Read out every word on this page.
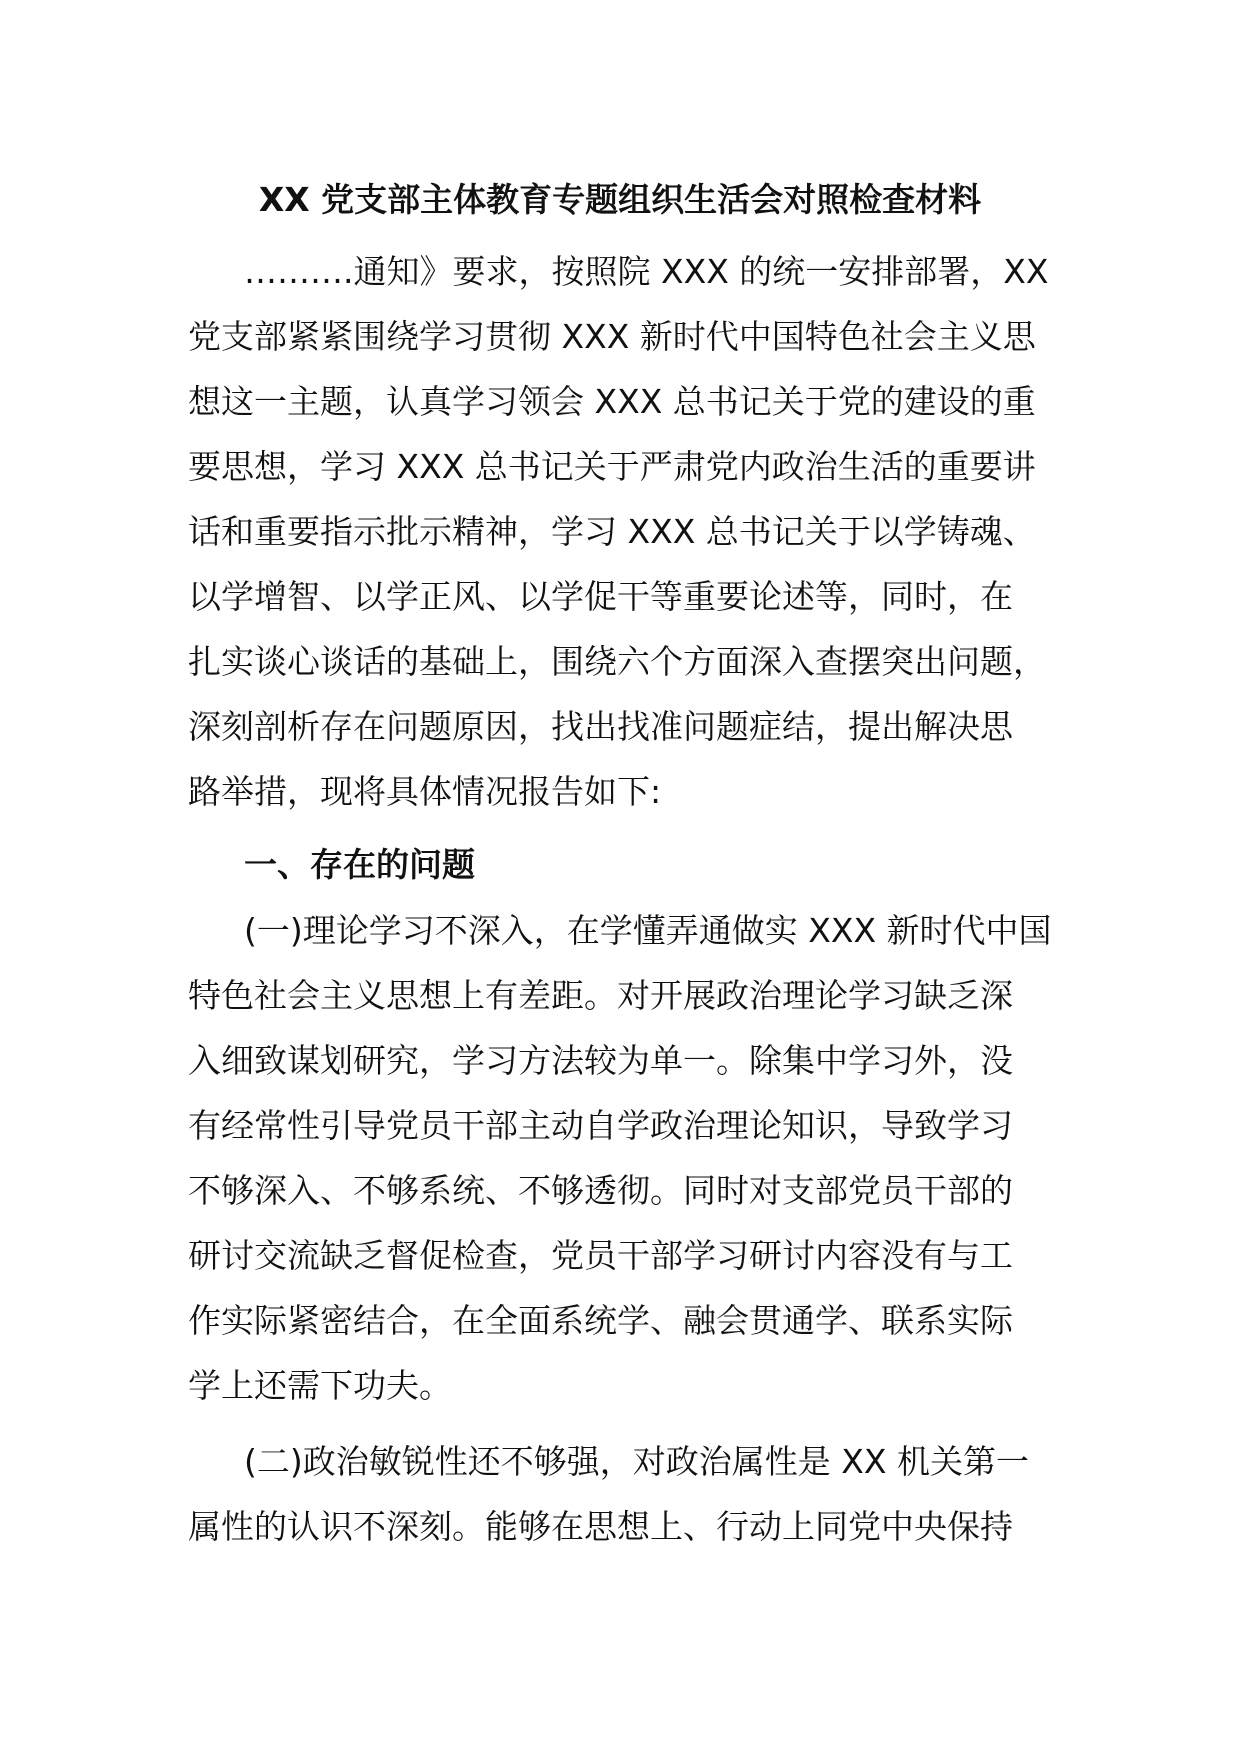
XX 党支部主体教育专题组织生活会对照检查材料
……….通知》要求，按照院 XXX 的统一安排部署，XX
党支部紧紧围绕学习贯彻 XXX 新时代中国特色社会主义思
想这一主题，认真学习领会 XXX 总书记关于党的建设的重
要思想，学习 XXX 总书记关于严肃党内政治生活的重要讲
话和重要指示批示精神，学习 XXX 总书记关于以学铸魂、
以学增智、以学正风、以学促干等重要论述等，同时，在
扎实谈心谈话的基础上，围绕六个方面深入查摆突出问题，
深刻剖析存在问题原因，找出找准问题症结，提出解决思
路举措，现将具体情况报告如下:
一、存在的问题
(一)理论学习不深入，在学懂弄通做实 XXX 新时代中国
特色社会主义思想上有差距。对开展政治理论学习缺乏深
入细致谋划研究，学习方法较为单一。除集中学习外，没
有经常性引导党员干部主动自学政治理论知识，导致学习
不够深入、不够系统、不够透彻。同时对支部党员干部的
研讨交流缺乏督促检查，党员干部学习研讨内容没有与工
作实际紧密结合，在全面系统学、融会贯通学、联系实际
学上还需下功夫。
(二)政治敏锐性还不够强，对政治属性是 XX 机关第一
属性的认识不深刻。能够在思想上、行动上同党中央保持
